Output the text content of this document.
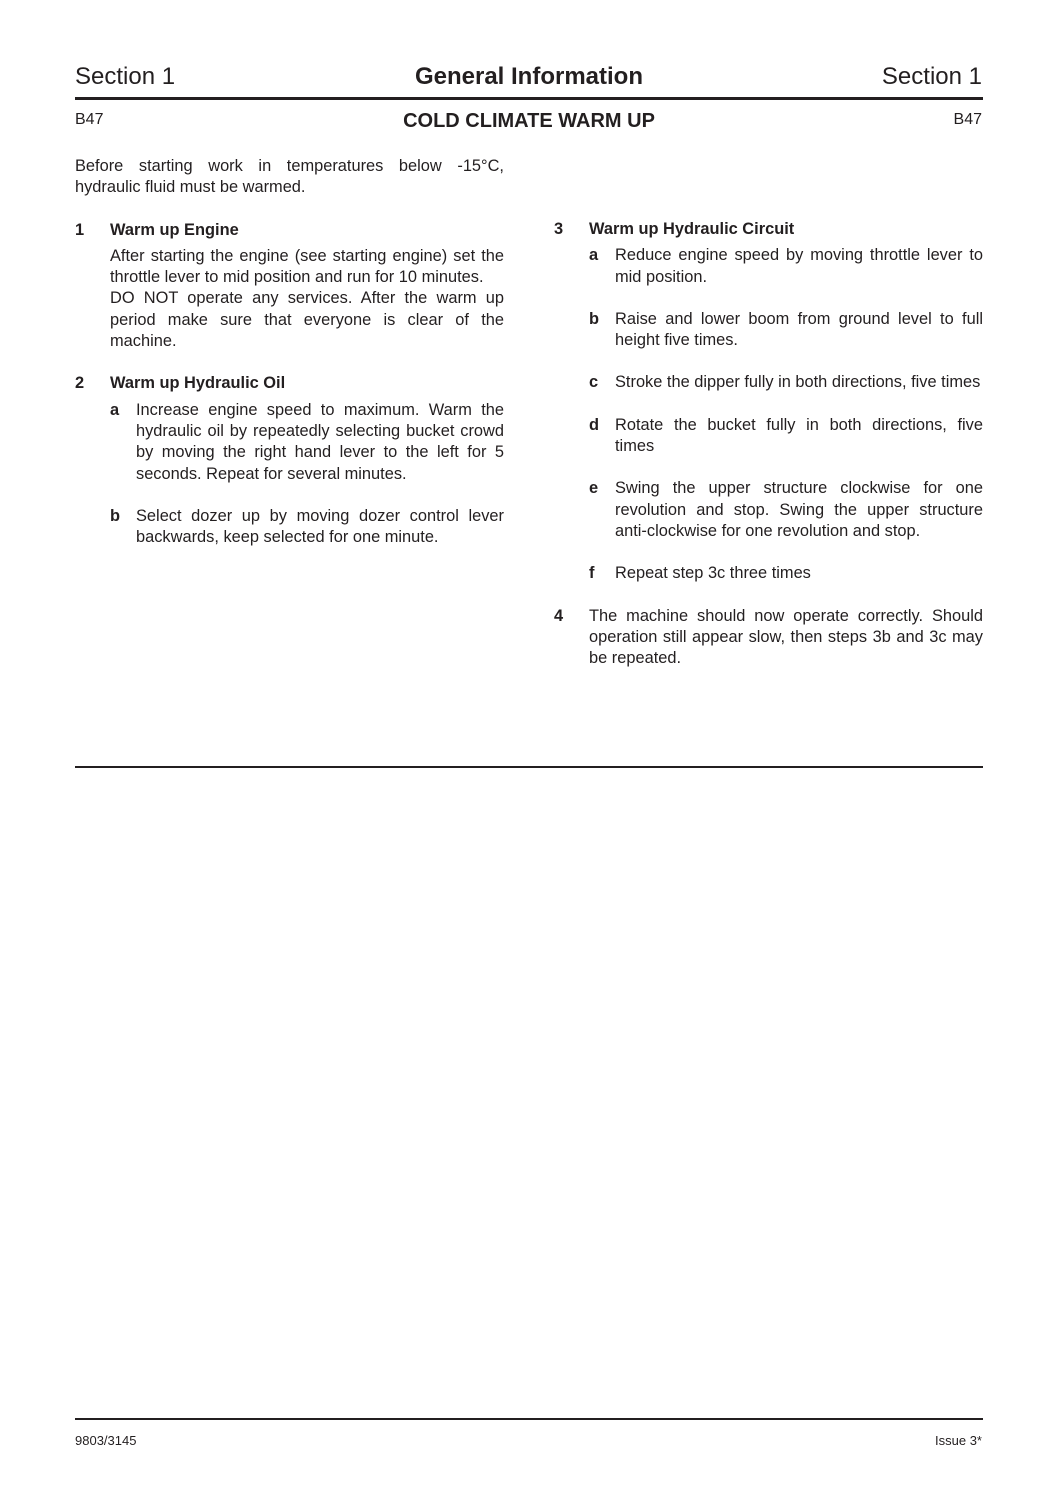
Section 1	General Information	Section 1
B47	COLD CLIMATE WARM UP	B47

Before starting work in temperatures below -15°C, hydraulic fluid must be warmed.

1 Warm up Engine

After starting the engine (see starting engine) set the throttle lever to mid position and run for 10 minutes.

DO NOT operate any services. After the warm up period make sure that everyone is clear of the machine.

2 Warm up Hydraulic Oil
a Increase engine speed to maximum. Warm the hydraulic oil by repeatedly selecting bucket crowd by moving the right hand lever to the left for 5 seconds. Repeat for several minutes.

b Select dozer up by moving dozer control lever backwards, keep selected for one minute.

3 Warm up Hydraulic Circuit
a Reduce engine speed by moving throttle lever to mid position.

b Raise and lower boom from ground level to full height five times.

c Stroke the dipper fully in both directions, five times

d Rotate the bucket fully in both directions, five times

e Swing the upper structure clockwise for one revolution and stop. Swing the upper structure anti-clockwise for one revolution and stop.

f Repeat step 3c three times

4 The machine should now operate correctly. Should operation still appear slow, then steps 3b and 3c may be repeated.

9803/3145	Issue 3*
